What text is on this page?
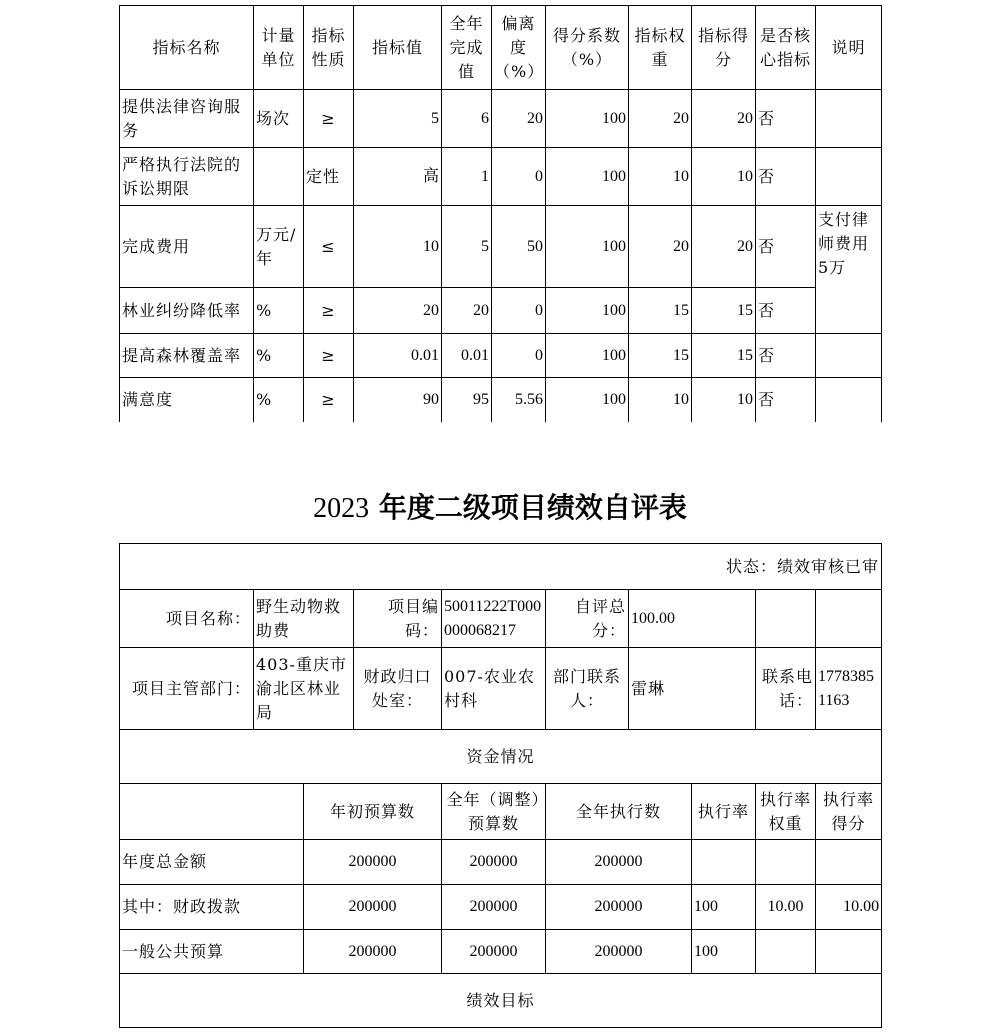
指标名称	计量单位	指标性质	指标值	全年完成值	偏离度（%）	得分系数（%）	指标权重	指标得分	是否核心指标	说明
提供法律咨询服务	场次	≥	5	6	20	100	20	20	否	
严格执行法院的诉讼期限		定性	高	1	0	100	10	10	否	
完成费用	万元/年	≤	10	5	50	100	20	20	否	支付律师费用5万
林业纠纷降低率	%	≥	20	20	0	100	15	15	否	
提高森林覆盖率	%	≥	0.01	0.01	0	100	15	15	否	
满意度	%	≥	90	95	5.56	100	10	10	否	
2023 年度二级项目绩效自评表
状态：绩效审核已审									
项目名称：	野生动物救助费		项目编码：	50011222T000000068217	自评总分：	100.00			
项目主管部门：	403-重庆市渝北区林业局		财政归口处室：	007-农业农村科	部门联系人：	雷琳		联系电话：	17783851163
资金情况									
		年初预算数		全年（调整）预算数	全年执行数		执行率	执行率权重	执行率得分
年度总金额		200000		200000	200000				
其中：财政拨款		200000		200000	200000		100	10.00	10.00
一般公共预算		200000		200000	200000		100		
绩效目标									
